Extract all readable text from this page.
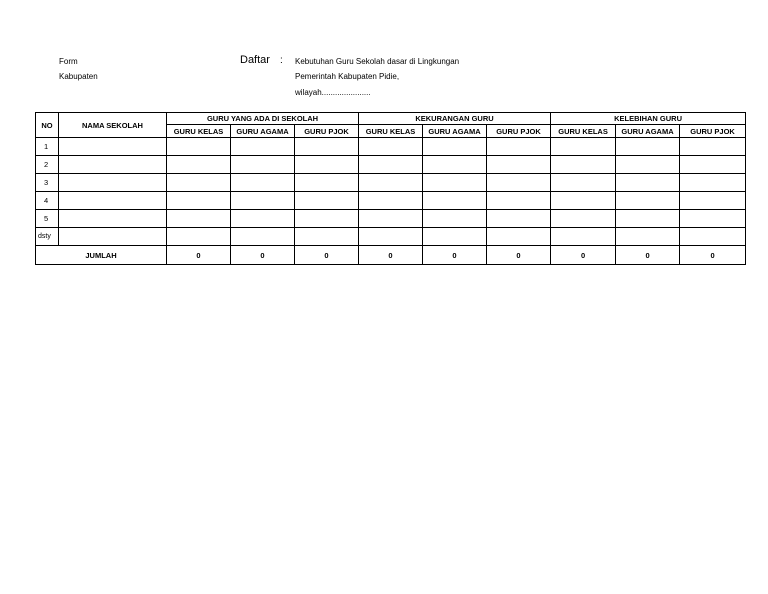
Form
Kabupaten
Daftar : Kebutuhan Guru Sekolah dasar di Lingkungan
Pemerintah Kabupaten Pidie,
wilayah......................
NO	NAMA SEKOLAH	GURU YANG ADA DI SEKOLAH			KEKURANGAN GURU			KELEBIHAN GURU		
		GURU KELAS	GURU AGAMA	GURU PJOK	GURU KELAS	GURU AGAMA	GURU PJOK	GURU KELAS	GURU AGAMA	GURU PJOK
1										
2										
3										
4										
5										
dsty										
JUMLAH		0	0	0	0	0	0	0	0	0
